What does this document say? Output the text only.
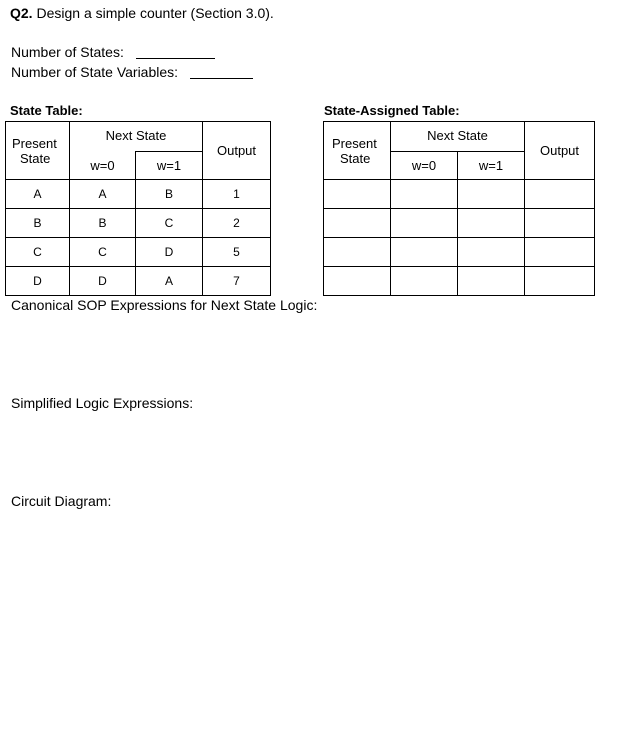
Q2. Design a simple counter (Section 3.0).
Number of States:
Number of State Variables:
State Table:
Present
State	Next State		Output
	w=0	w=1	
A	A	B	1
B	B	C	2
C	C	D	5
D	D	A	7
State-Assigned Table:
Present
State	Next State		Output
	w=0	w=1	

Canonical SOP Expressions for Next State Logic:
Simplified Logic Expressions:
Circuit Diagram:
